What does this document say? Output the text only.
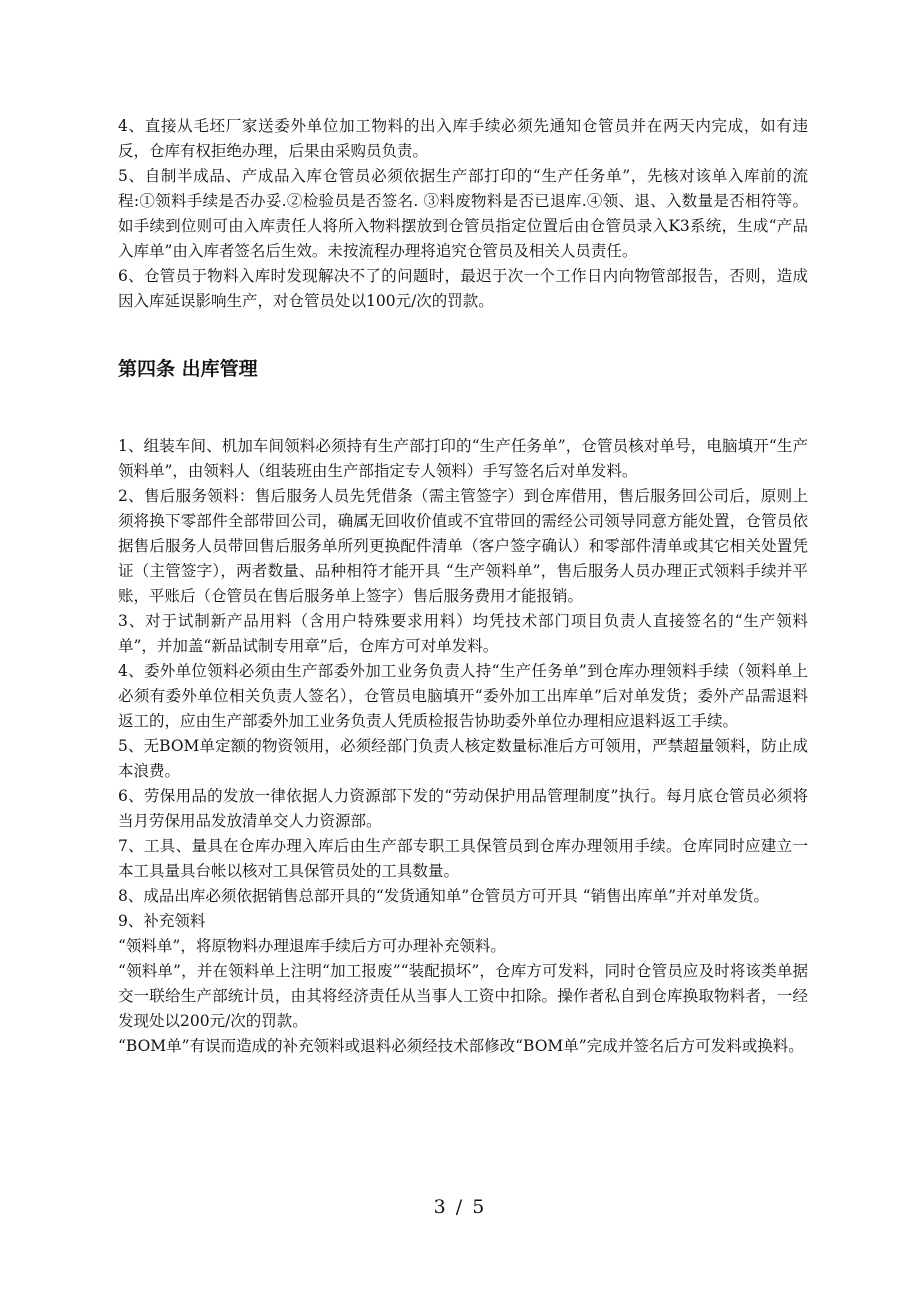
4、直接从毛坯厂家送委外单位加工物料的出入库手续必须先通知仓管员并在两天内完成，如有违反，仓库有权拒绝办理，后果由采购员负责。

5、自制半成品、产成品入库仓管员必须依据生产部打印的“生产任务单”，先核对该单入库前的流程:①领料手续是否办妥.②检验员是否签名. ③料废物料是否已退库.④领、退、入数量是否相符等。如手续到位则可由入库责任人将所入物料摆放到仓管员指定位置后由仓管员录入K3系统，生成“产品入库单”由入库者签名后生效。未按流程办理将追究仓管员及相关人员责任。

6、仓管员于物料入库时发现解决不了的问题时，最迟于次一个工作日内向物管部报告，否则，造成因入库延误影响生产，对仓管员处以100元/次的罚款。

第四条 出库管理

1、组装车间、机加车间领料必须持有生产部打印的“生产任务单”，仓管员核对单号，电脑填开“生产领料单”，由领料人（组装班由生产部指定专人领料）手写签名后对单发料。

2、售后服务领料：售后服务人员先凭借条（需主管签字）到仓库借用，售后服务回公司后，原则上须将换下零部件全部带回公司，确属无回收价值或不宜带回的需经公司领导同意方能处置，仓管员依据售后服务人员带回售后服务单所列更换配件清单（客户签字确认）和零部件清单或其它相关处置凭证（主管签字），两者数量、品种相符才能开具 “生产领料单”，售后服务人员办理正式领料手续并平账，平账后（仓管员在售后服务单上签字）售后服务费用才能报销。

3、对于试制新产品用料（含用户特殊要求用料）均凭技术部门项目负责人直接签名的“生产领料单”，并加盖“新品试制专用章”后，仓库方可对单发料。

4、委外单位领料必须由生产部委外加工业务负责人持“生产任务单”到仓库办理领料手续（领料单上必须有委外单位相关负责人签名），仓管员电脑填开“委外加工出库单”后对单发货；委外产品需退料返工的，应由生产部委外加工业务负责人凭质检报告协助委外单位办理相应退料返工手续。

5、无BOM单定额的物资领用，必须经部门负责人核定数量标准后方可领用，严禁超量领料，防止成本浪费。

6、劳保用品的发放一律依据人力资源部下发的“劳动保护用品管理制度”执行。每月底仓管员必须将当月劳保用品发放清单交人力资源部。

7、工具、量具在仓库办理入库后由生产部专职工具保管员到仓库办理领用手续。仓库同时应建立一本工具量具台帐以核对工具保管员处的工具数量。

8、成品出库必须依据销售总部开具的“发货通知单”仓管员方可开具 “销售出库单”并对单发货。

9、补充领料

“领料单”，将原物料办理退库手续后方可办理补充领料。

“领料单”，并在领料单上注明“加工报废”“装配损坏”，仓库方可发料，同时仓管员应及时将该类单据交一联给生产部统计员，由其将经济责任从当事人工资中扣除。操作者私自到仓库换取物料者，一经发现处以200元/次的罚款。

“BOM单”有误而造成的补充领料或退料必须经技术部修改“BOM单”完成并签名后方可发料或换料。

3 / 5
